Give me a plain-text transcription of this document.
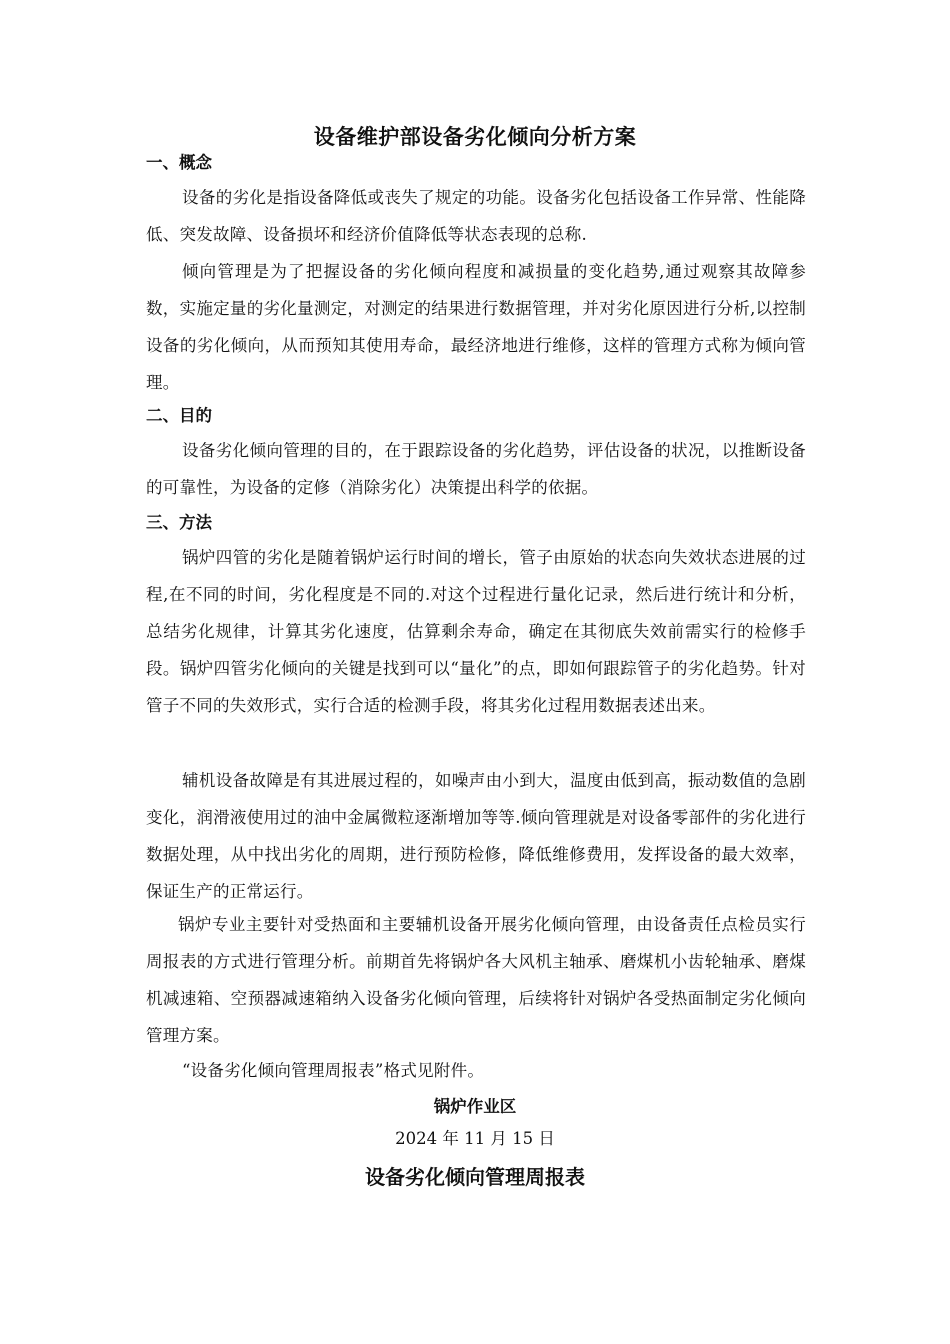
设备维护部设备劣化倾向分析方案
一、概念

设备的劣化是指设备降低或丧失了规定的功能。设备劣化包括设备工作异常、性能降低、突发故障、设备损坏和经济价值降低等状态表现的总称.

倾向管理是为了把握设备的劣化倾向程度和减损量的变化趋势,通过观察其故障参数，实施定量的劣化量测定，对测定的结果进行数据管理，并对劣化原因进行分析,以控制设备的劣化倾向，从而预知其使用寿命，最经济地进行维修，这样的管理方式称为倾向管理。

二、目的

设备劣化倾向管理的目的，在于跟踪设备的劣化趋势，评估设备的状况，以推断设备的可靠性，为设备的定修（消除劣化）决策提出科学的依据。

三、方法

锅炉四管的劣化是随着锅炉运行时间的增长，管子由原始的状态向失效状态进展的过程,在不同的时间，劣化程度是不同的.对这个过程进行量化记录，然后进行统计和分析，总结劣化规律，计算其劣化速度，估算剩余寿命，确定在其彻底失效前需实行的检修手段。锅炉四管劣化倾向的关键是找到可以“量化”的点，即如何跟踪管子的劣化趋势。针对管子不同的失效形式，实行合适的检测手段，将其劣化过程用数据表述出来。

辅机设备故障是有其进展过程的，如噪声由小到大，温度由低到高，振动数值的急剧变化，润滑液使用过的油中金属微粒逐渐增加等等.倾向管理就是对设备零部件的劣化进行数据处理，从中找出劣化的周期，进行预防检修，降低维修费用，发挥设备的最大效率，保证生产的正常运行。

锅炉专业主要针对受热面和主要辅机设备开展劣化倾向管理，由设备责任点检员实行周报表的方式进行管理分析。前期首先将锅炉各大风机主轴承、磨煤机小齿轮轴承、磨煤机减速箱、空预器减速箱纳入设备劣化倾向管理，后续将针对锅炉各受热面制定劣化倾向管理方案。

“设备劣化倾向管理周报表”格式见附件。

锅炉作业区
2024 年 11 月 15 日
设备劣化倾向管理周报表
